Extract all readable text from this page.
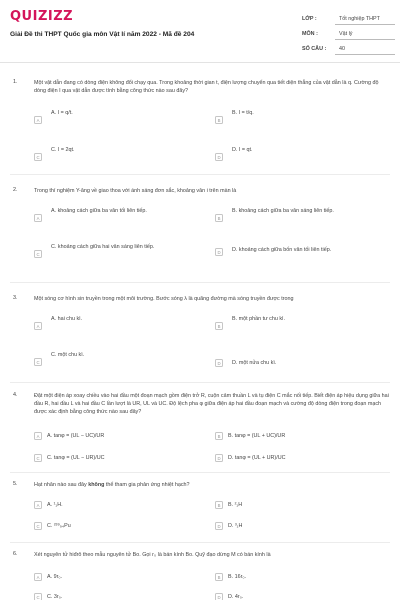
QUIZIZZ
Giải Đề thi THPT Quốc gia môn Vật lí năm 2022 - Mã đề 204
LỚP :	Tốt nghiệp THPT
MÔN :	Vật lý
SỐ CÂU : 40
1.	Một vật dẫn đang có dòng điện không đổi chạy qua. Trong khoảng thời gian t, điện lượng chuyển qua tiết diện thẳng của vật dẫn là q. Cường độ dòng điện I qua vật dẫn được tính bằng công thức nào sau đây?
A
A. I = q/t.
B
B. I = t/q.
C
C. I = 2qt.
D
D. I = qt.
2.	Trong thí nghiệm Y-âng về giao thoa với ánh sáng đơn sắc, khoảng vân i trên màn là
A
A. khoảng cách giữa ba vân tối liên tiếp.
B
B. khoảng cách giữa ba vân sáng liên tiếp.
C
C. khoảng cách giữa hai vân sáng liên tiếp.
D	D. khoảng cách giữa bốn vân tối liên tiếp.
3.	Một sóng cơ hình sin truyền trong một môi trường. Bước sóng λ là quãng đường mà sóng truyền được trong
A
A. hai chu kì.
B
B. một phần tư chu kì.
C
C. một chu kì.
D	D. một nửa chu kì.
4.	Đặt một điện áp xoay chiều vào hai đầu một đoạn mạch gồm điện trở R, cuộn cảm thuần L và tụ điện C mắc nối tiếp. Biết điện áp hiệu dụng giữa hai đầu R, hai đầu L và hai đầu C lần lượt là UR, UL và UC. Độ lệch pha φ giữa điện áp hai đầu đoạn mạch và cường độ dòng điện trong đoạn mạch được xác định bằng công thức nào sau đây?
A	A. tanφ = (UL − UC)/UR	B	B. tanφ = (UL + UC)/UR
C	C. tanφ = (UL − UR)/UC	D	D. tanφ = (UL + UR)/UC
5.	Hạt nhân nào sau đây không thể tham gia phản ứng nhiệt hạch?
A	A. ¹₁H.	B	B. ²₁H
C	C. ²³⁹₉₄Pu	D	D. ³₁H
6.	Xét nguyên tử hiđrô theo mẫu nguyên tử Bo. Gọi r₀ là bán kính Bo. Quỹ đạo dừng M có bán kính là
A	A. 9r₀.	B	B. 16r₀.
C	C. 3r₀.	D	D. 4r₀.
